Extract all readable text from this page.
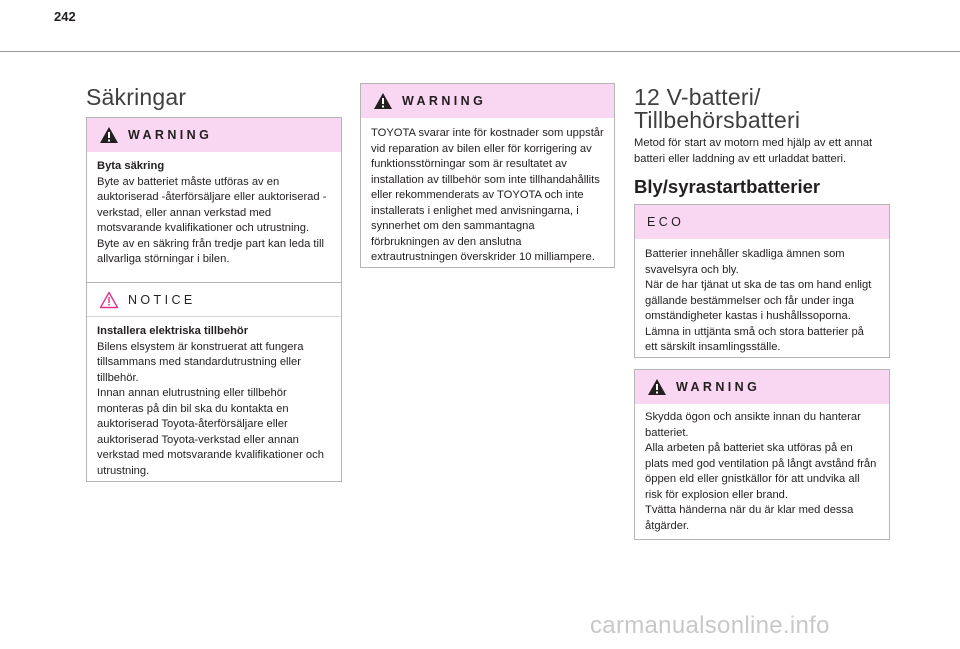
242
Säkringar
WARNING
Byta säkring
Byte av batteriet måste utföras av en auktoriserad -återförsäljare eller auktoriserad -verkstad, eller annan verkstad med motsvarande kvalifikationer och utrustning. Byte av en säkring från tredje part kan leda till allvarliga störningar i bilen.
NOTICE
Installera elektriska tillbehör
Bilens elsystem är konstruerat att fungera tillsammans med standardutrustning eller tillbehör.
Innan annan elutrustning eller tillbehör monteras på din bil ska du kontakta en auktoriserad Toyota-återförsäljare eller auktoriserad Toyota-verkstad eller annan verkstad med motsvarande kvalifikationer och utrustning.
WARNING
TOYOTA svarar inte för kostnader som uppstår vid reparation av bilen eller för korrigering av funktionsstörningar som är resultatet av installation av tillbehör som inte tillhandahållits eller rekommenderats av TOYOTA och inte installerats i enlighet med anvisningarna, i synnerhet om den sammantagna förbrukningen av den anslutna extrautrustningen överskrider 10 milliampere.
12 V-batteri/
Tillbehörsbatteri
Metod för start av motorn med hjälp av ett annat batteri eller laddning av ett urladdat batteri.
Bly/syrastartbatterier
ECO
Batterier innehåller skadliga ämnen som svavelsyra och bly.
När de har tjänat ut ska de tas om hand enligt gällande bestämmelser och får under inga omständigheter kastas i hushållssoporna.
Lämna in uttjänta små och stora batterier på ett särskilt insamlingsställe.
WARNING
Skydda ögon och ansikte innan du hanterar batteriet.
Alla arbeten på batteriet ska utföras på en plats med god ventilation på långt avstånd från öppen eld eller gnistkällor för att undvika all risk för explosion eller brand.
Tvätta händerna när du är klar med dessa åtgärder.
carmanualsonline.info
